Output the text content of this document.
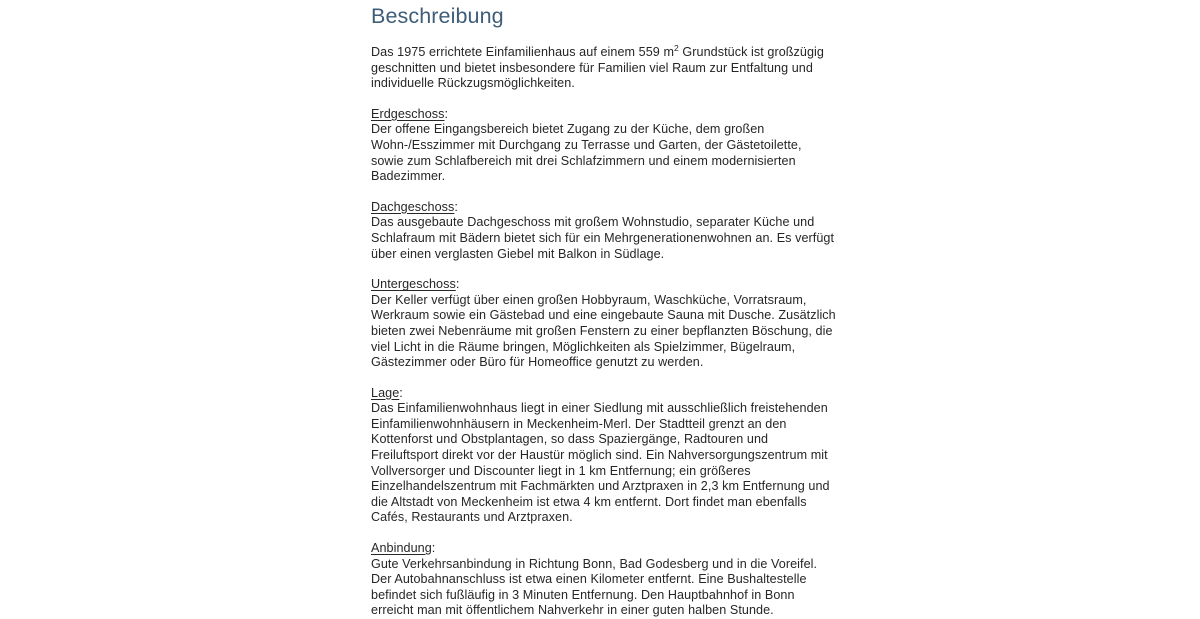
Beschreibung

Das 1975 errichtete Einfamilienhaus auf einem 559 $m^2$ Grundstück ist großzügig geschnitten und bietet insbesondere für Familien viel Raum zur Entfaltung und individuelle Rückzugsmöglichkeiten.

Erdgeschoss:
Der offene Eingangsbereich bietet Zugang zu der Küche, dem großen Wohn-/Esszimmer mit Durchgang zu Terrasse und Garten, der Gästetoilette, sowie zum Schlafbereich mit drei Schlafzimmern und einem modernisierten Badezimmer.

Dachgeschoss:
Das ausgebaute Dachgeschoss mit großem Wohnstudio, separater Küche und Schlafraum mit Bädern bietet sich für ein Mehrgenerationenwohnen an. Es verfügt über einen verglasten Giebel mit Balkon in Südlage.

Untergeschoss:
Der Keller verfügt über einen großen Hobbyraum, Waschküche, Vorratsraum, Werkraum sowie ein Gästebad und eine eingebaute Sauna mit Dusche. Zusätzlich bieten zwei Nebenräume mit großen Fenstern zu einer bepflanzten Böschung, die viel Licht in die Räume bringen, Möglichkeiten als Spielzimmer, Bügelraum, Gästezimmer oder Büro für Homeoffice genutzt zu werden.

Lage:
Das Einfamilienwohnhaus liegt in einer Siedlung mit ausschließlich freistehenden Einfamilienwohnhäusern in Meckenheim-Merl. Der Stadtteil grenzt an den Kottenforst und Obstplantagen, so dass Spaziergänge, Radtouren und Freiluftsport direkt vor der Haustür möglich sind. Ein Nahversorgungszentrum mit Vollversorger und Discounter liegt in 1 km Entfernung; ein größeres Einzelhandelszentrum mit Fachmärkten und Arztpraxen in 2,3 km Entfernung und die Altstadt von Meckenheim ist etwa 4 km entfernt. Dort findet man ebenfalls Cafés, Restaurants und Arztpraxen.

Anbindung:
Gute Verkehrsanbindung in Richtung Bonn, Bad Godesberg und in die Voreifel. Der Autobahnanschluss ist etwa einen Kilometer entfernt. Eine Bushaltestelle befindet sich fußläufig in 3 Minuten Entfernung. Den Hauptbahnhof in Bonn erreicht man mit öffentlichem Nahverkehr in einer guten halben Stunde.
